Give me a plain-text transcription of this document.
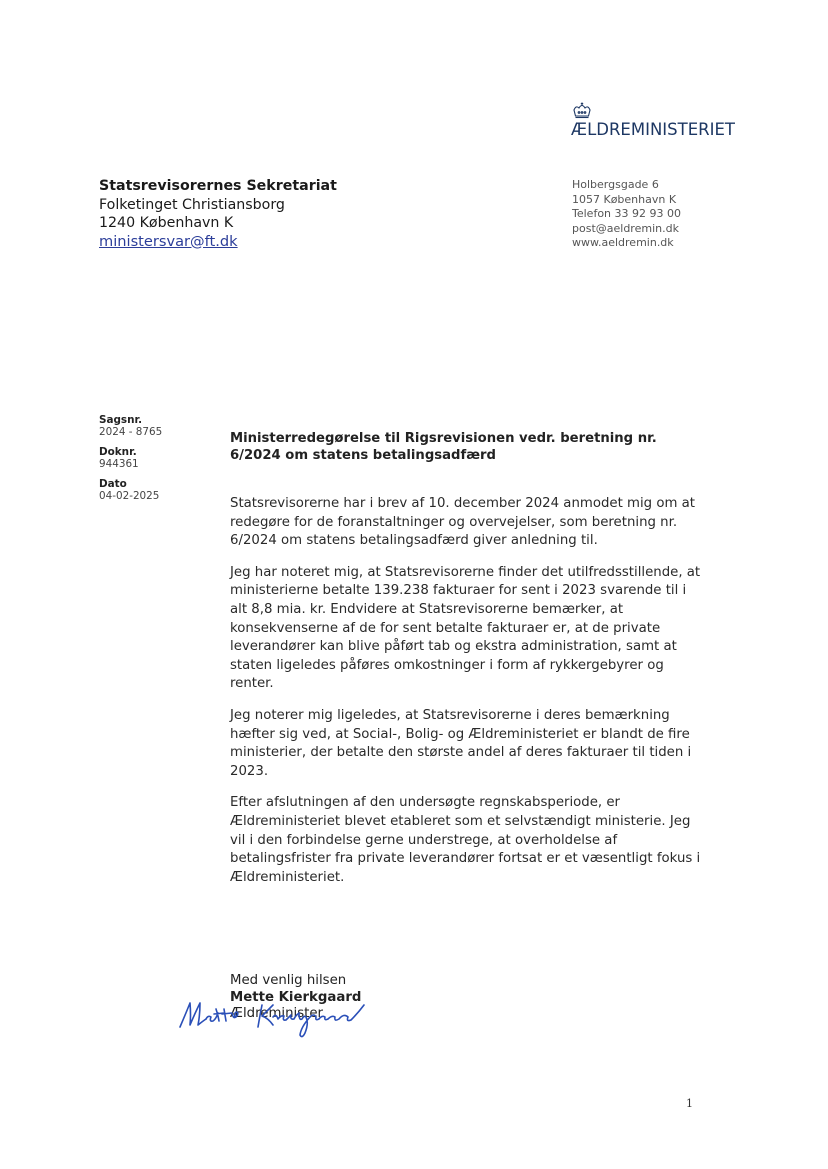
ÆLDREMINISTERIET
Statsrevisorernes Sekretariat
Folketinget Christiansborg
1240 København K
ministersvar@ft.dk
Holbergsgade 6
1057 København K
Telefon 33 92 93 00
post@aeldremin.dk
www.aeldremin.dk
Sagsnr.
2024 - 8765
Doknr.
944361
Dato
04-02-2025
Ministerredegørelse til Rigsrevisionen vedr. beretning nr. 6/2024 om statens betalingsadfærd

Statsrevisorerne har i brev af 10. december 2024 anmodet mig om at redegøre for de foranstaltninger og overvejelser, som beretning nr. 6/2024 om statens betalingsadfærd giver anledning til.

Jeg har noteret mig, at Statsrevisorerne finder det utilfredsstillende, at ministerierne betalte 139.238 fakturaer for sent i 2023 svarende til i alt 8,8 mia. kr. Endvidere at Statsrevisorerne bemærker, at konsekvenserne af de for sent betalte fakturaer er, at de private leverandører kan blive påført tab og ekstra administration, samt at staten ligeledes påføres omkostninger i form af rykkergebyrer og renter.

Jeg noterer mig ligeledes, at Statsrevisorerne i deres bemærkning hæfter sig ved, at Social-, Bolig- og Ældreministeriet er blandt de fire ministerier, der betalte den største andel af deres fakturaer til tiden i 2023.

Efter afslutningen af den undersøgte regnskabsperiode, er Ældreministeriet blevet etableret som et selvstændigt ministerie. Jeg vil i den forbindelse gerne understrege, at overholdelse af betalingsfrister fra private leverandører fortsat er et væsentligt fokus i Ældreministeriet.

Med venlig hilsen
Mette Kierkgaard
Ældreminister
1
